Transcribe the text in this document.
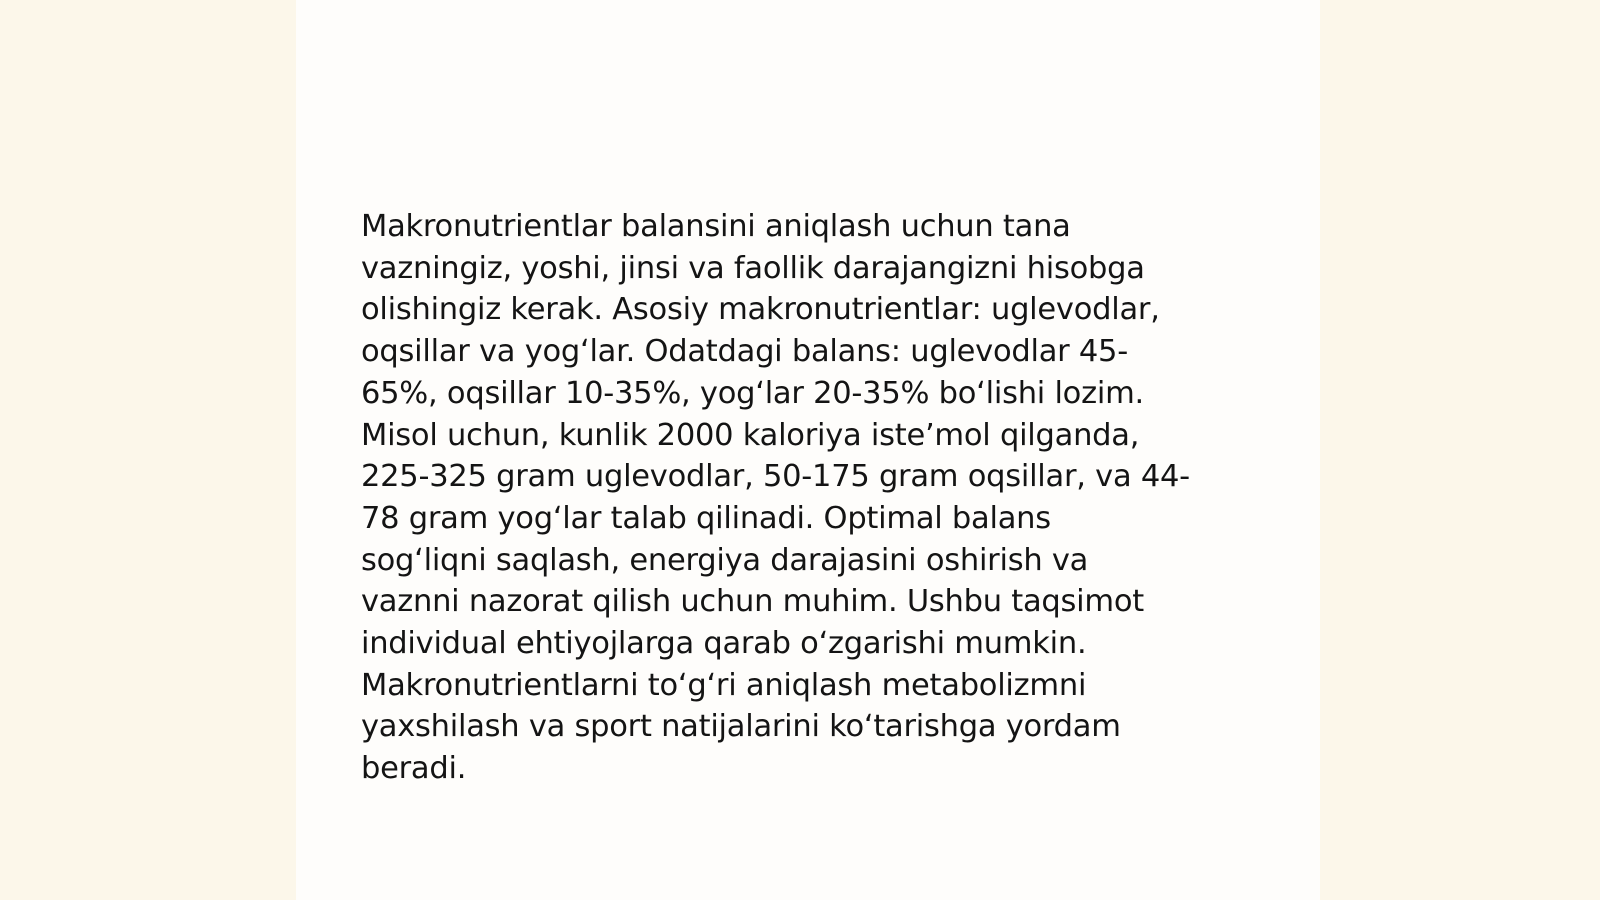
Makronutrientlar balansini aniqlash uchun tana
vazningiz, yoshi, jinsi va faollik darajangizni hisobga
olishingiz kerak. Asosiy makronutrientlar: uglevodlar,
oqsillar va yogʻlar. Odatdagi balans: uglevodlar 45-
65%, oqsillar 10-35%, yogʻlar 20-35% boʻlishi lozim.
Misol uchun, kunlik 2000 kaloriya isteʼmol qilganda,
225-325 gram uglevodlar, 50-175 gram oqsillar, va 44-
78 gram yogʻlar talab qilinadi. Optimal balans
sogʻliqni saqlash, energiya darajasini oshirish va
vaznni nazorat qilish uchun muhim. Ushbu taqsimot
individual ehtiyojlarga qarab oʻzgarishi mumkin.
Makronutrientlarni toʻgʻri aniqlash metabolizmni
yaxshilash va sport natijalarini koʻtarishga yordam
beradi.
